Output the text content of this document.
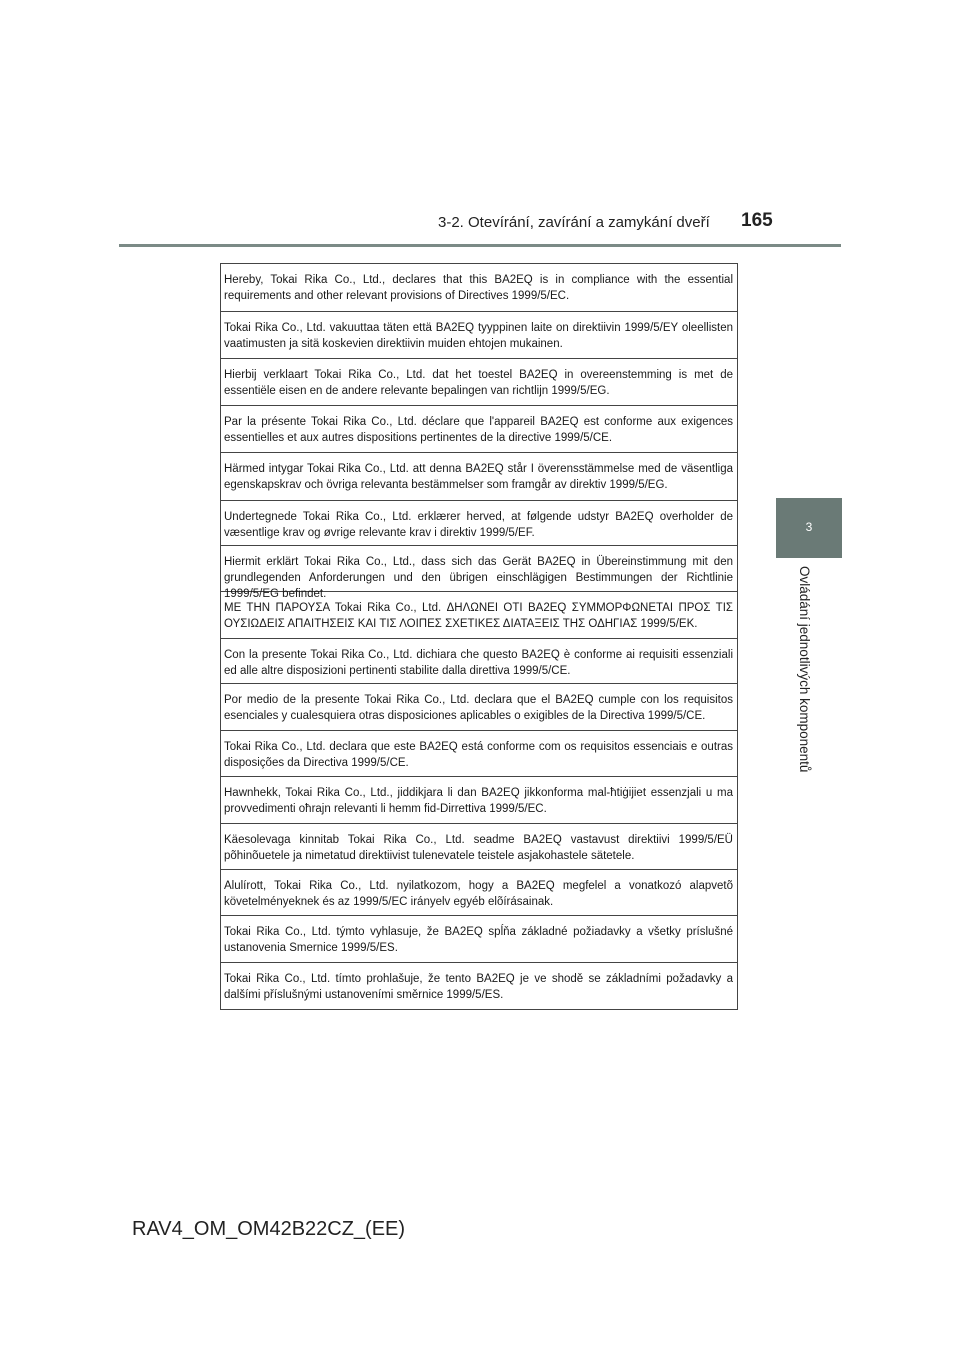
3-2. Otevírání, zavírání a zamykání dveří 165
3
Ovládání jednotlivých komponentů
Hereby, Tokai Rika Co., Ltd., declares that this BA2EQ is in compliance with the essential requirements and other relevant provisions of Directives 1999/5/EC.
Tokai Rika Co., Ltd. vakuuttaa täten että BA2EQ tyyppinen laite on direktiivin 1999/5/EY oleellisten vaatimusten ja sitä koskevien direktiivin muiden ehtojen mukainen.
Hierbij verklaart Tokai Rika Co., Ltd. dat het toestel BA2EQ in overeenstemming is met de essentiële eisen en de andere relevante bepalingen van richtlijn 1999/5/EG.
Par la présente Tokai Rika Co., Ltd. déclare que l'appareil BA2EQ est conforme aux exigences essentielles et aux autres dispositions pertinentes de la directive 1999/5/CE.
Härmed intygar Tokai Rika Co., Ltd. att denna BA2EQ står I överensstämmelse med de väsentliga egenskapskrav och övriga relevanta bestämmelser som framgår av direktiv 1999/5/EG.
Undertegnede Tokai Rika Co., Ltd. erklærer herved, at følgende udstyr BA2EQ overholder de væsentlige krav og øvrige relevante krav i direktiv 1999/5/EF.
Hiermit erklärt Tokai Rika Co., Ltd., dass sich das Gerät BA2EQ in Übereinstimmung mit den grundlegenden Anforderungen und den übrigen einschlägigen Bestimmungen der Richtlinie 1999/5/EG befindet.
ΜΕ ΤΗΝ ΠΑΡΟΥΣΑ Tokai Rika Co., Ltd. ΔΗΛΩΝΕΙ ΟΤΙ BA2EQ ΣΥΜΜΟΡΦΩΝΕΤΑΙ ΠΡΟΣ ΤΙΣ ΟΥΣΙΩΔΕΙΣ ΑΠΑΙΤΗΣΕΙΣ ΚΑΙ ΤΙΣ ΛΟΙΠΕΣ ΣΧΕΤΙΚΕΣ ΔΙΑΤΑΞΕΙΣ ΤΗΣ ΟΔΗΓΙΑΣ 1999/5/ΕΚ.
Con la presente Tokai Rika Co., Ltd. dichiara che questo BA2EQ è conforme ai requisiti essenziali ed alle altre disposizioni pertinenti stabilite dalla direttiva 1999/5/CE.
Por medio de la presente Tokai Rika Co., Ltd. declara que el BA2EQ cumple con los requisitos esenciales y cualesquiera otras disposiciones aplicables o exigibles de la Directiva 1999/5/CE.
Tokai Rika Co., Ltd. declara que este BA2EQ está conforme com os requisitos essenciais e outras disposições da Directiva 1999/5/CE.
Hawnhekk, Tokai Rika Co., Ltd., jiddikjara li dan BA2EQ jikkonforma mal-ħtiġijiet essenzjali u ma provvedimenti oħrajn relevanti li hemm fid-Dirrettiva 1999/5/EC.
Käesolevaga kinnitab Tokai Rika Co., Ltd. seadme BA2EQ vastavust direktiivi 1999/5/EÜ põhinõuetele ja nimetatud direktiivist tulenevatele teistele asjakohastele sätetele.
Alulírott, Tokai Rika Co., Ltd. nyilatkozom, hogy a BA2EQ megfelel a vonatkozó alapvetõ követelményeknek és az 1999/5/EC irányelv egyéb elõírásainak.
Tokai Rika Co., Ltd. týmto vyhlasuje, že BA2EQ spĺňa základné požiadavky a všetky príslušné ustanovenia Smernice 1999/5/ES.
Tokai Rika Co., Ltd. tímto prohlašuje, že tento BA2EQ je ve shodě se základními požadavky a dalšími příslušnými ustanoveními směrnice 1999/5/ES.
RAV4_OM_OM42B22CZ_(EE)
